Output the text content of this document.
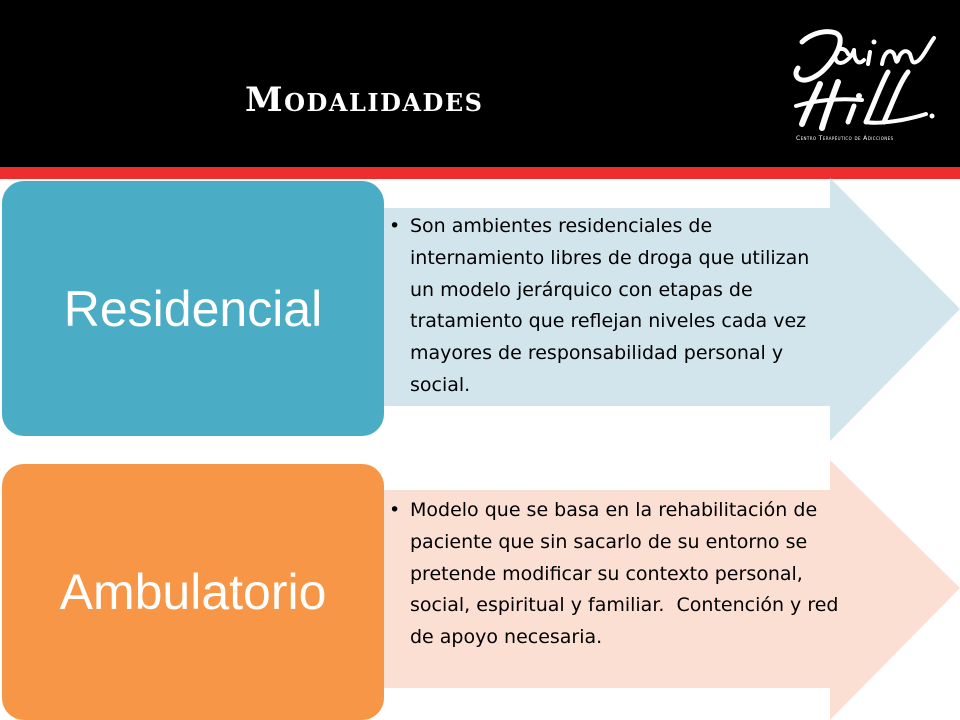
Modalidades
Centro Terapéutico de Adicciones
Residencial
• Son ambientes residenciales de internamiento libres de droga que utilizan un modelo jerárquico con etapas de tratamiento que reflejan niveles cada vez mayores de responsabilidad personal y social.
Ambulatorio
• Modelo que se basa en la rehabilitación de paciente que sin sacarlo de su entorno se pretende modificar su contexto personal, social, espiritual y familiar.  Contención y red de apoyo necesaria.
